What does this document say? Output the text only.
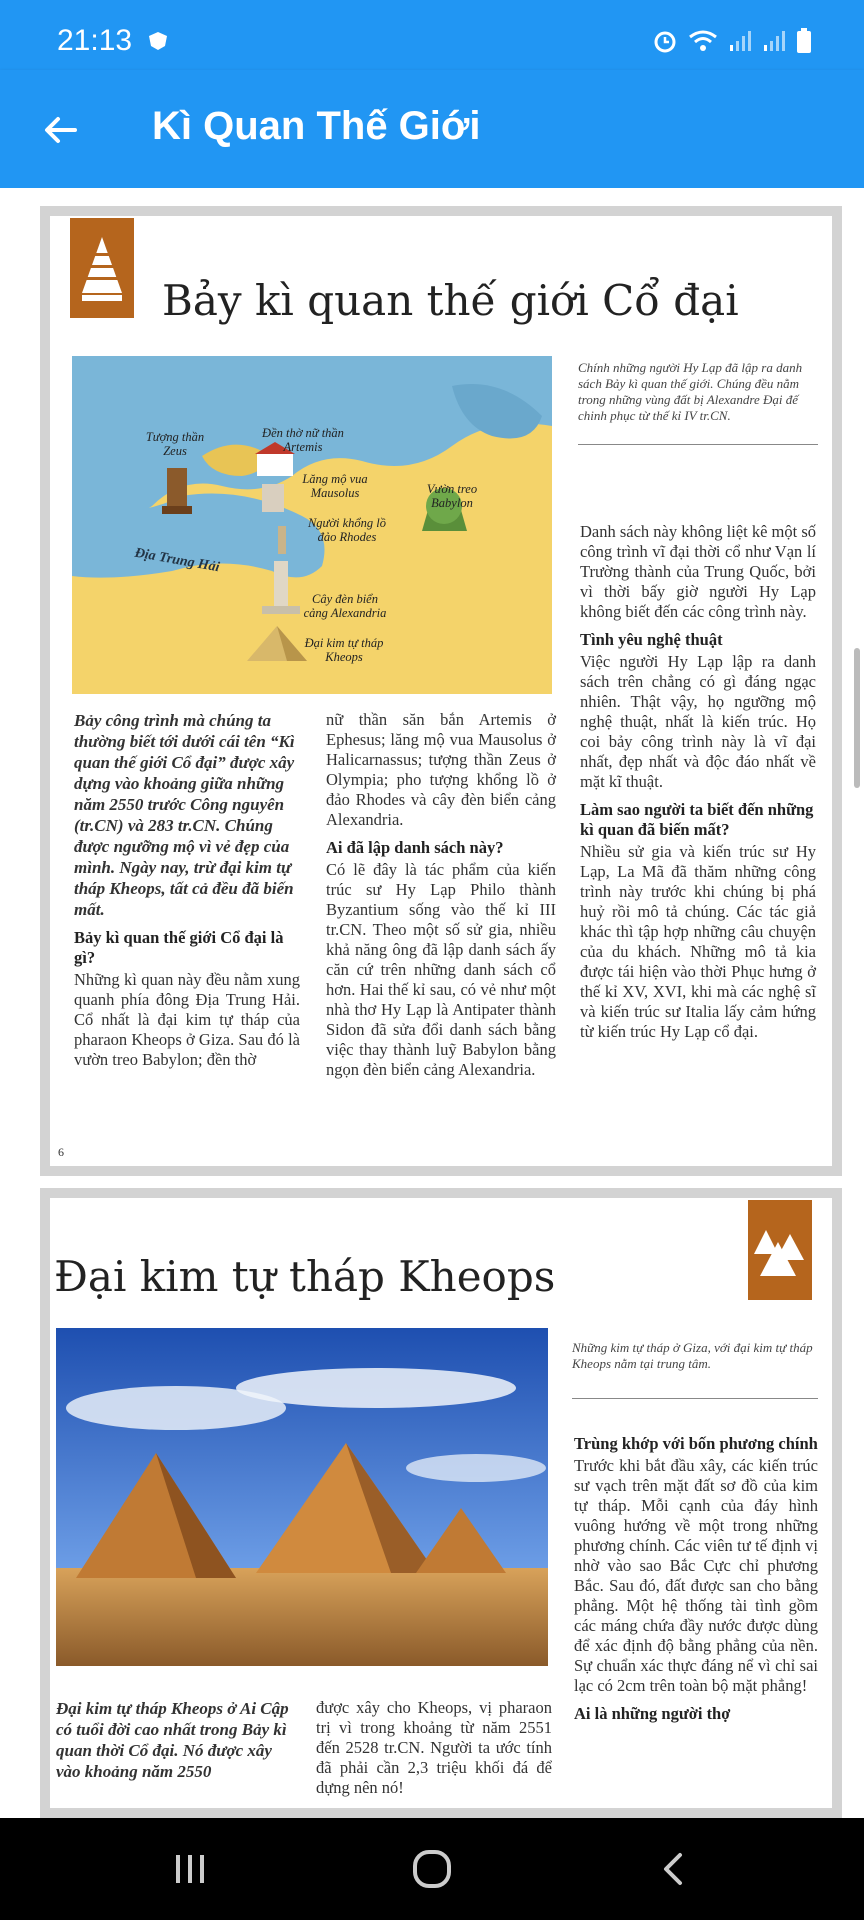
21:13
Kì Quan Thế Giới
Bảy kì quan thế giới Cổ đại
Tượng thần Zeus
Đền thờ nữ thần Artemis
Lăng mộ vua Mausolus
Người khổng lồ đảo Rhodes
Vườn treo Babylon
Địa Trung Hải
Cây đèn biển cảng Alexandria
Đại kim tự tháp Kheops
Chính những người Hy Lạp đã lập ra danh sách Bảy kì quan thế giới. Chúng đều nằm trong những vùng đất bị Alexandre Đại đế chinh phục từ thế kỉ IV tr.CN.

Bảy công trình mà chúng ta thường biết tới dưới cái tên “Kì quan thế giới Cổ đại” được xây dựng vào khoảng giữa những năm 2550 trước Công nguyên (tr.CN) và 283 tr.CN. Chúng được ngưỡng mộ vì vẻ đẹp của mình. Ngày nay, trừ đại kim tự tháp Kheops, tất cả đều đã biến mất.

Bảy kì quan thế giới Cổ đại là gì?

Những kì quan này đều nằm xung quanh phía đông Địa Trung Hải. Cổ nhất là đại kim tự tháp của pharaon Kheops ở Giza. Sau đó là vườn treo Babylon; đền thờ

nữ thần săn bắn Artemis ở Ephesus; lăng mộ vua Mausolus ở Halicarnassus; tượng thần Zeus ở Olympia; pho tượng khổng lồ ở đảo Rhodes và cây đèn biển cảng Alexandria.

Ai đã lập danh sách này?

Có lẽ đây là tác phẩm của kiến trúc sư Hy Lạp Philo thành Byzantium sống vào thế kỉ III tr.CN. Theo một số sử gia, nhiều khả năng ông đã lập danh sách ấy căn cứ trên những danh sách cổ hơn. Hai thế kỉ sau, có vẻ như một nhà thơ Hy Lạp là Antipater thành Sidon đã sửa đổi danh sách bằng việc thay thành luỹ Babylon bằng ngọn đèn biển cảng Alexandria.

Danh sách này không liệt kê một số công trình vĩ đại thời cổ như Vạn lí Trường thành của Trung Quốc, bởi vì thời bấy giờ người Hy Lạp không biết đến các công trình này.

Tình yêu nghệ thuật

Việc người Hy Lạp lập ra danh sách trên chẳng có gì đáng ngạc nhiên. Thật vậy, họ ngưỡng mộ nghệ thuật, nhất là kiến trúc. Họ coi bảy công trình này là vĩ đại nhất, đẹp nhất và độc đáo nhất về mặt kĩ thuật.

Làm sao người ta biết đến những kì quan đã biến mất?

Nhiều sử gia và kiến trúc sư Hy Lạp, La Mã đã thăm những công trình này trước khi chúng bị phá huỷ rồi mô tả chúng. Các tác giả khác thì tập hợp những câu chuyện của du khách. Những mô tả kia được tái hiện vào thời Phục hưng ở thế kỉ XV, XVI, khi mà các nghệ sĩ và kiến trúc sư Italia lấy cảm hứng từ kiến trúc Hy Lạp cổ đại.

6
Đại kim tự tháp Kheops
Những kim tự tháp ở Giza, với đại kim tự tháp Kheops nằm tại trung tâm.

Đại kim tự tháp Kheops ở Ai Cập có tuổi đời cao nhất trong Bảy kì quan thời Cổ đại. Nó được xây vào khoảng năm 2550

được xây cho Kheops, vị pharaon trị vì trong khoảng từ năm 2551 đến 2528 tr.CN. Người ta ước tính đã phải cần 2,3 triệu khối đá để dựng nên nó!

Trùng khớp với bốn phương chính

Trước khi bắt đầu xây, các kiến trúc sư vạch trên mặt đất sơ đồ của kim tự tháp. Mỗi cạnh của đáy hình vuông hướng về một trong những phương chính. Các viên tư tế định vị nhờ vào sao Bắc Cực chỉ phương Bắc. Sau đó, đất được san cho bằng phẳng. Một hệ thống tài tình gồm các máng chứa đầy nước được dùng để xác định độ bằng phẳng của nền. Sự chuẩn xác thực đáng nể vì chỉ sai lạc có 2cm trên toàn bộ mặt phẳng!

Ai là những người thợ
